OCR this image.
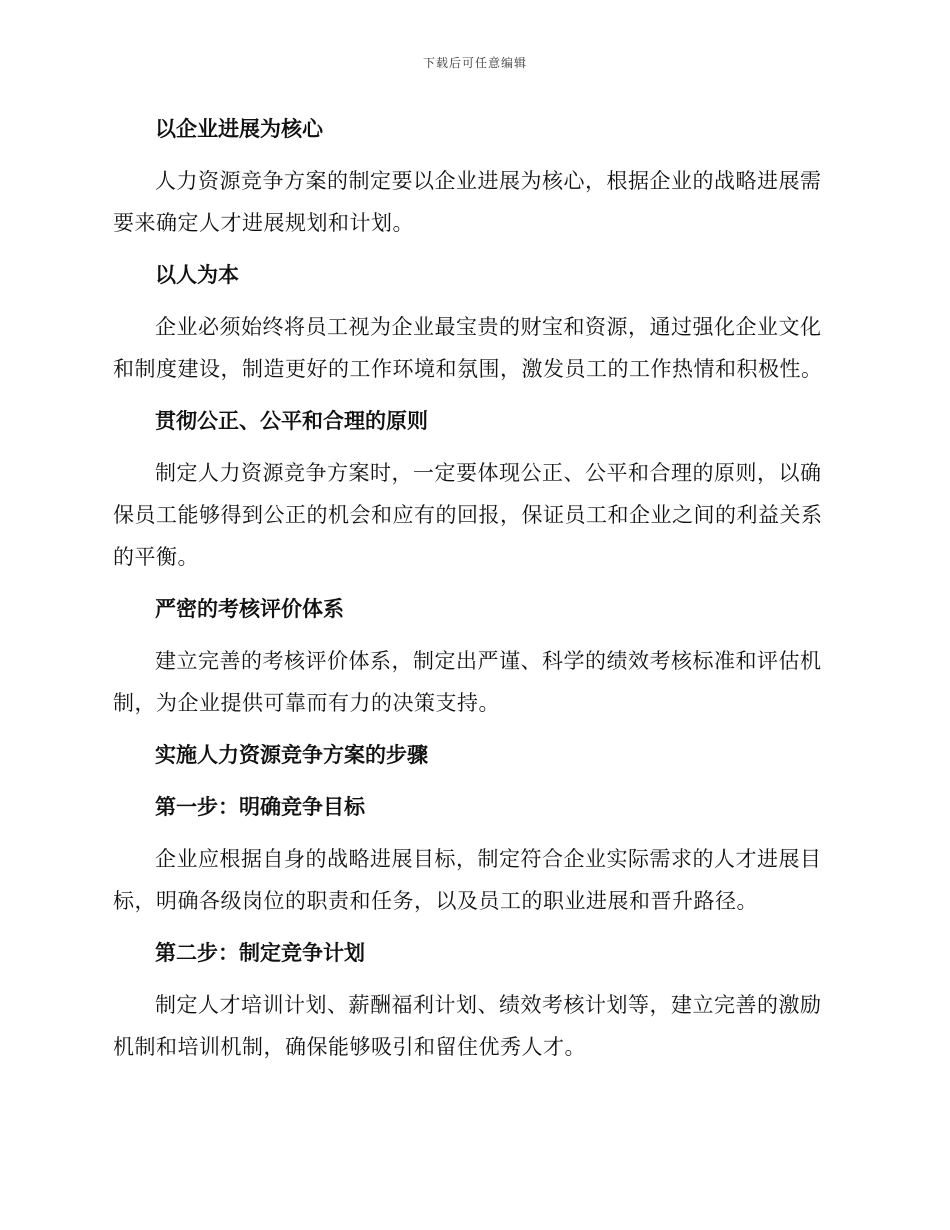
下载后可任意编辑
以企业进展为核心
人力资源竞争方案的制定要以企业进展为核心，根据企业的战略进展需要来确定人才进展规划和计划。
以人为本
企业必须始终将员工视为企业最宝贵的财宝和资源，通过强化企业文化和制度建设，制造更好的工作环境和氛围，激发员工的工作热情和积极性。
贯彻公正、公平和合理的原则
制定人力资源竞争方案时，一定要体现公正、公平和合理的原则，以确保员工能够得到公正的机会和应有的回报，保证员工和企业之间的利益关系的平衡。
严密的考核评价体系
建立完善的考核评价体系，制定出严谨、科学的绩效考核标准和评估机制，为企业提供可靠而有力的决策支持。
实施人力资源竞争方案的步骤
第一步：明确竞争目标
企业应根据自身的战略进展目标，制定符合企业实际需求的人才进展目标，明确各级岗位的职责和任务，以及员工的职业进展和晋升路径。
第二步：制定竞争计划
制定人才培训计划、薪酬福利计划、绩效考核计划等，建立完善的激励机制和培训机制，确保能够吸引和留住优秀人才。
